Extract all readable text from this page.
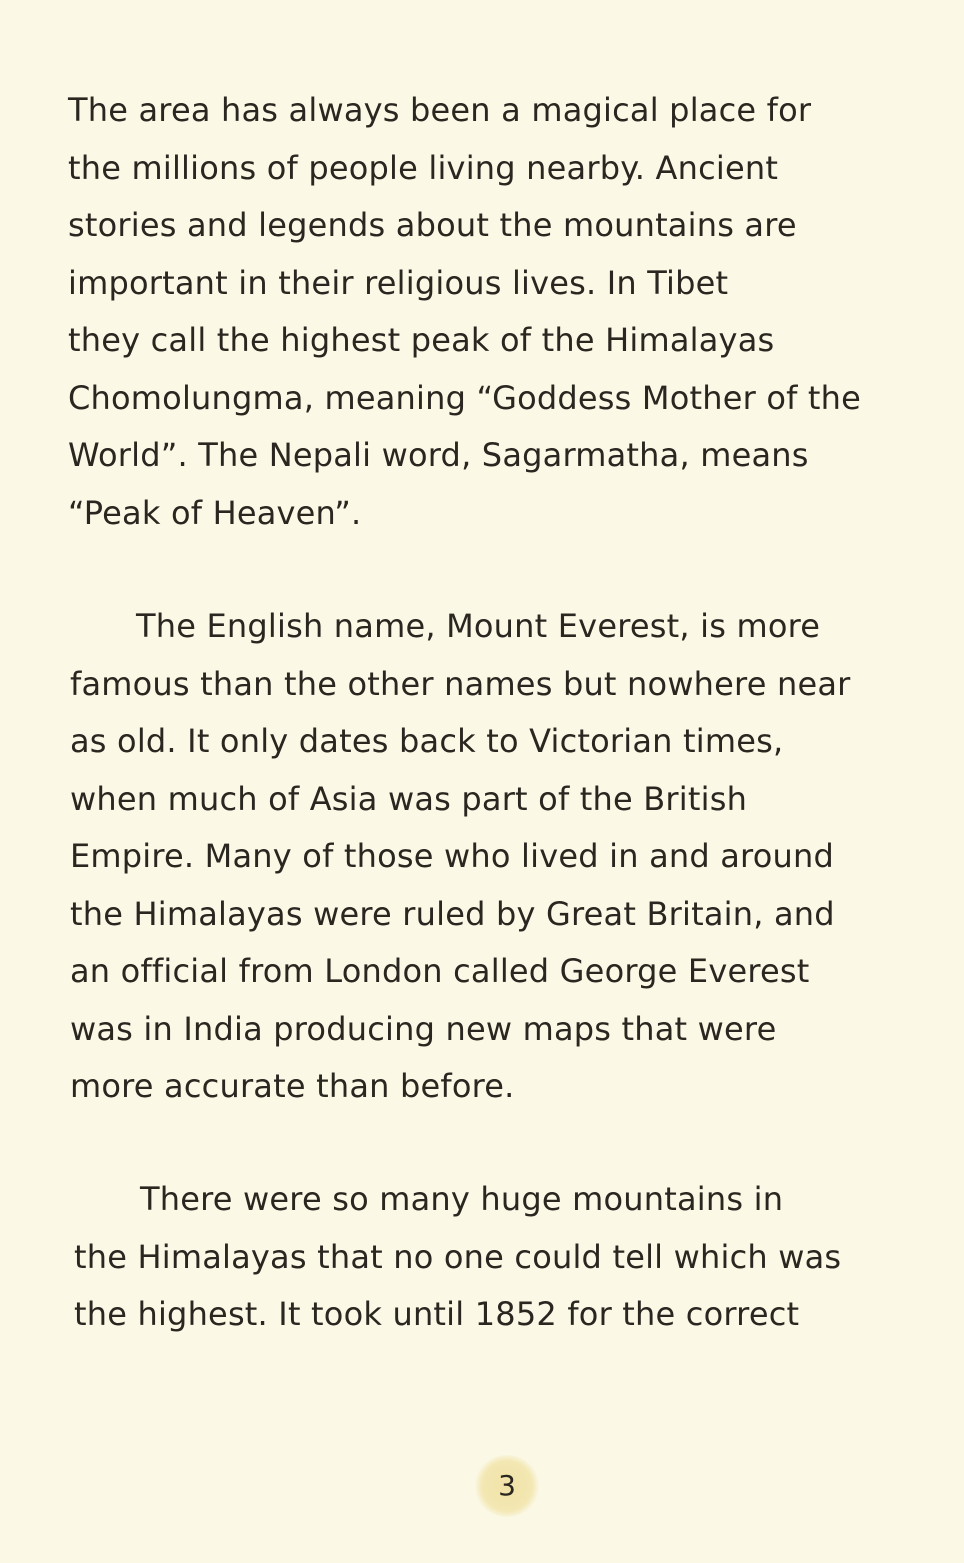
The area has always been a magical place for
the millions of people living nearby. Ancient
stories and legends about the mountains are
important in their religious lives. In Tibet
they call the highest peak of the Himalayas
Chomolungma, meaning “Goddess Mother of the
World”. The Nepali word, Sagarmatha, means
“Peak of Heaven”.
The English name, Mount Everest, is more
famous than the other names but nowhere near
as old. It only dates back to Victorian times,
when much of Asia was part of the British
Empire. Many of those who lived in and around
the Himalayas were ruled by Great Britain, and
an official from London called George Everest
was in India producing new maps that were
more accurate than before.
There were so many huge mountains in
the Himalayas that no one could tell which was
the highest. It took until 1852 for the correct
3
